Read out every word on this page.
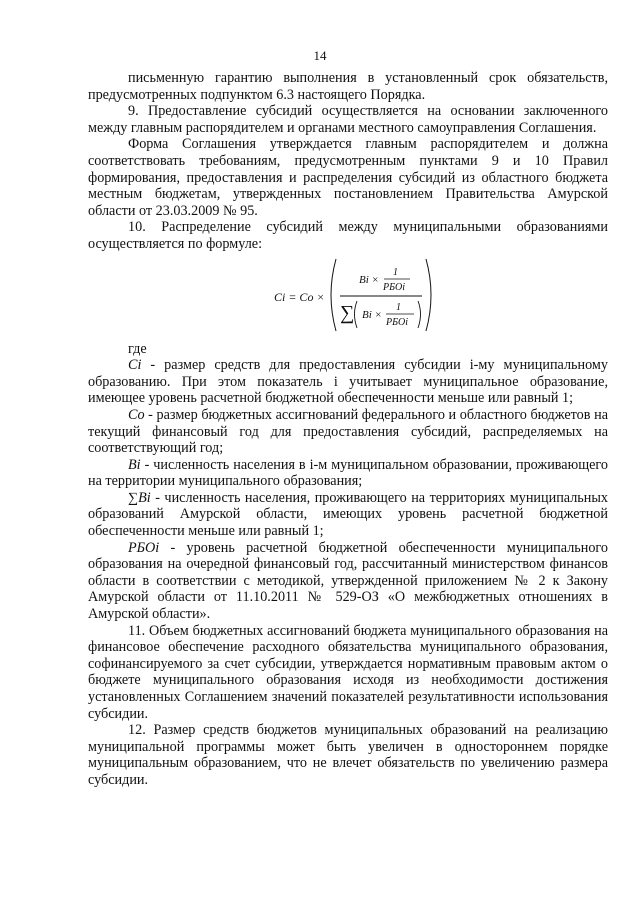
14

письменную гарантию выполнения в установленный срок обязательств, предусмотренных подпунктом 6.3 настоящего Порядка.

9. Предоставление субсидий осуществляется на основании заключенного между главным распорядителем и органами местного самоуправления Соглашения.

Форма Соглашения утверждается главным распорядителем и должна соответствовать требованиям, предусмотренным пунктами 9 и 10 Правил формирования, предоставления и распределения субсидий из областного бюджета местным бюджетам, утвержденных постановлением Правительства Амурской области от 23.03.2009 № 95.

10. Распределение субсидий между муниципальными образованиями осуществляется по формуле:

Ci = Co ×
Bi ×
1
РБОi
∑ Bi ×
1
РБОi

где

Ci - размер средств для предоставления субсидии i-му муниципальному образованию. При этом показатель i учитывает муниципальное образование, имеющее уровень расчетной бюджетной обеспеченности меньше или равный 1;

Co - размер бюджетных ассигнований федерального и областного бюджетов на текущий финансовый год для предоставления субсидий, распределяемых на соответствующий год;

Bi - численность населения в i-м муниципальном образовании, проживающего на территории муниципального образования;

∑Bi - численность населения, проживающего на территориях муниципальных образований Амурской области, имеющих уровень расчетной бюджетной обеспеченности меньше или равный 1;

РБОi - уровень расчетной бюджетной обеспеченности муниципального образования на очередной финансовый год, рассчитанный министерством финансов области в соответствии с методикой, утвержденной приложением № 2 к Закону Амурской области от 11.10.2011 № 529-ОЗ «О межбюджетных отношениях в Амурской области».

11. Объем бюджетных ассигнований бюджета муниципального образования на финансовое обеспечение расходного обязательства муниципального образования, софинансируемого за счет субсидии, утверждается нормативным правовым актом о бюджете муниципального образования исходя из необходимости достижения установленных Соглашением значений показателей результативности использования субсидии.

12. Размер средств бюджетов муниципальных образований на реализацию муниципальной программы может быть увеличен в одностороннем порядке муниципальным образованием, что не влечет обязательств по увеличению размера субсидии.
